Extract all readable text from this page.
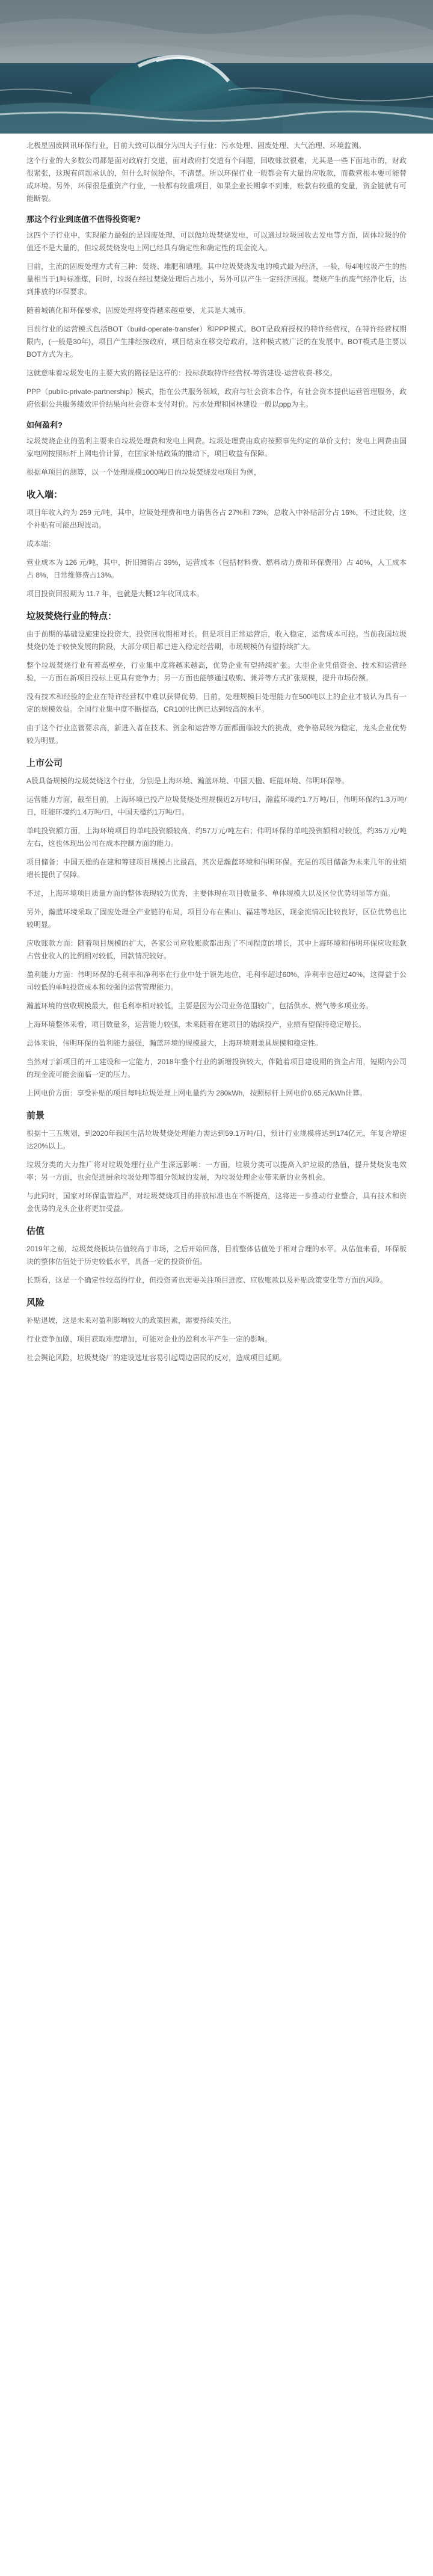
北极星固废网讯环保行业，目前大致可以细分为四大子行业：污水处理、固废处理、大气治理、环境监测。

这个行业的大多数公司都是面对政府打交道，面对政府打交道有个问题，回收账款很难，尤其是一些下面地市的，财政很紧张，这现有问题承认的，但什么时候给你，不清楚。所以环保行业一般都会有大量的应收款，而截营根本要可能替成环境。另外，环保很是重资产行业，一般都有较重项目，如果企业长期拿不到账，账款有较重的变量，资金链就有可能断裂。

那这个行业到底值不值得投资呢?

这四个子行业中，实现能力最强的是固废处理，可以做垃圾焚烧发电，可以通过垃圾回收去发电等方面，固体垃圾的价值还不是大量的，但垃圾焚烧发电上网已经具有确定性和确定性的现金流入。

目前，主流的固废处理方式有三种：焚烧、堆肥和填埋。其中垃圾焚烧发电的模式最为经济，一般，每4吨垃圾产生的热量相当于1吨标准煤，同时，垃圾在经过焚烧处理后占地小，另外可以产生一定经济回报。焚烧产生的废气经净化后，达到排放的环保要求。

随着城镇化和环保要求，固废处理将变得越来越重要，尤其是大城市。

目前行业的运营模式包括BOT（build-operate-transfer）和PPP模式。BOT是政府授权的特许经营权，在特许经营权期限内，(一般是30年)，项目产生排经按政府，项目结束在移交给政府，这种模式被广泛的在发展中。BOT模式是主要以BOT方式为主。

这就意味着垃圾发电的主要大致的路径是这样的：投标获取特许经营权-筹资建设-运营收费-移交。

PPP（public-private-partnership）模式，指在公共服务领域，政府与社会资本合作，有社会资本提供运营管理服务，政府依据公共服务绩效评价结果向社会资本支付对价。污水处理和园林建设一般以ppp为主。

如何盈利?

垃圾焚烧企业的盈利主要来自垃圾处理费和发电上网费。垃圾处理费由政府按照事先约定的单价支付；发电上网费由国家电网按照标杆上网电价计算，在国家补贴政策的推动下，项目收益有保障。

根据单项目的测算，以一个处理规模1000吨/日的垃圾焚烧发电项目为例，

收入端：

项目年收入约为 259 元/吨，其中，垃圾处理费和电力销售各占 27%和 73%，总收入中补贴部分占 16%，不过比较，这个补贴有可能出现波动。

成本端：

营业成本为 126 元/吨，其中，折旧摊销占 39%，运营成本（包括材料费、燃料动力费和环保费用）占 40%，人工成本占 8%，日常维修费占13%。

项目投资回报期为 11.7 年，也就是大概12年收回成本。

垃圾焚烧行业的特点：

由于前期的基础设施建设投资大，投资回收期相对长。但是项目正常运营后，收入稳定，运营成本可控。当前我国垃圾焚烧仍处于较快发展的阶段，大部分项目都已进入稳定经营期，市场规模仍有望持续扩大。

整个垃圾焚烧行业有着高壁垒，行业集中度将越来越高，优势企业有望持续扩张。大型企业凭借资金、技术和运营经验，一方面在新项目投标上更具有竞争力；另一方面也能够通过收购、兼并等方式扩张规模，提升市场份额。

没有技术和经验的企业在特许经营权中难以获得优势，目前，处理规模日处理能力在500吨以上的企业才被认为具有一定的规模效益。全国行业集中度不断提高，CR10的比例已达到较高的水平。

由于这个行业监管要求高，新进入者在技术、资金和运营等方面都面临较大的挑战，竞争格局较为稳定，龙头企业优势较为明显。

上市公司

A股具备规模的垃圾焚烧这个行业，分别是上海环境、瀚蓝环境、中国天楹、旺能环境、伟明环保等。

运营能力方面，截至目前，上海环境已投产垃圾焚烧处理规模近2万吨/日，瀚蓝环境约1.7万吨/日，伟明环保约1.3万吨/日，旺能环境约1.4万吨/日，中国天楹约1万吨/日。

单吨投资额方面，上海环境项目的单吨投资额较高，约57万元/吨左右；伟明环保的单吨投资额相对较低，约35万元/吨左右，这也体现出公司在成本控制方面的能力。

项目储备：中国天楹的在建和筹建项目规模占比最高，其次是瀚蓝环境和伟明环保。充足的项目储备为未来几年的业绩增长提供了保障。

不过，上海环境项目质量方面的整体表现较为优秀，主要体现在项目数量多、单体规模大以及区位优势明显等方面。

另外，瀚蓝环境采取了固废处理全产业链的布局，项目分布在佛山、福建等地区，现金流情况比较良好，区位优势也比较明显。

应收账款方面：随着项目规模的扩大，各家公司应收账款都出现了不同程度的增长，其中上海环境和伟明环保应收账款占营业收入的比例相对较低，回款情况较好。

盈利能力方面：伟明环保的毛利率和净利率在行业中处于领先地位，毛利率超过60%，净利率也超过40%，这得益于公司较低的单吨投资成本和较强的运营管理能力。

瀚蓝环境的营收规模最大，但毛利率相对较低，主要是因为公司业务范围较广，包括供水、燃气等多项业务。

上海环境整体来看，项目数量多，运营能力较强，未来随着在建项目的陆续投产，业绩有望保持稳定增长。

总体来说，伟明环保的盈利能力最强，瀚蓝环境的规模最大，上海环境则兼具规模和稳定性。

当然对于新项目的开工建设和一定能力，2018年整个行业的新增投资较大，伴随着项目建设期的资金占用，短期内公司的现金流可能会面临一定的压力。

上网电价方面：享受补贴的项目每吨垃圾处理上网电量约为 280kWh，按照标杆上网电价0.65元/kWh计算。

前景

根据十三五规划，到2020年我国生活垃圾焚烧处理能力需达到59.1万吨/日，预计行业规模将达到174亿元，年复合增速达20%以上。

垃圾分类的大力推广将对垃圾处理行业产生深远影响：一方面，垃圾分类可以提高入炉垃圾的热值，提升焚烧发电效率；另一方面，也会促进厨余垃圾处理等细分领域的发展，为垃圾处理企业带来新的业务机会。

与此同时，国家对环保监管趋严，对垃圾焚烧项目的排放标准也在不断提高，这将进一步推动行业整合，具有技术和资金优势的龙头企业将更加受益。

估值

2019年之前，垃圾焚烧板块估值较高于市场，之后开始回落，目前整体估值处于相对合理的水平。从估值来看，环保板块的整体估值处于历史较低水平，具备一定的投资价值。

长期看，这是一个确定性较高的行业，但投资者也需要关注项目进度、应收账款以及补贴政策变化等方面的风险。

风险

补贴退坡，这是未来对盈利影响较大的政策因素，需要持续关注。

行业竞争加剧，项目获取难度增加，可能对企业的盈利水平产生一定的影响。

社会舆论风险，垃圾焚烧厂的建设选址容易引起周边居民的反对，造成项目延期。
